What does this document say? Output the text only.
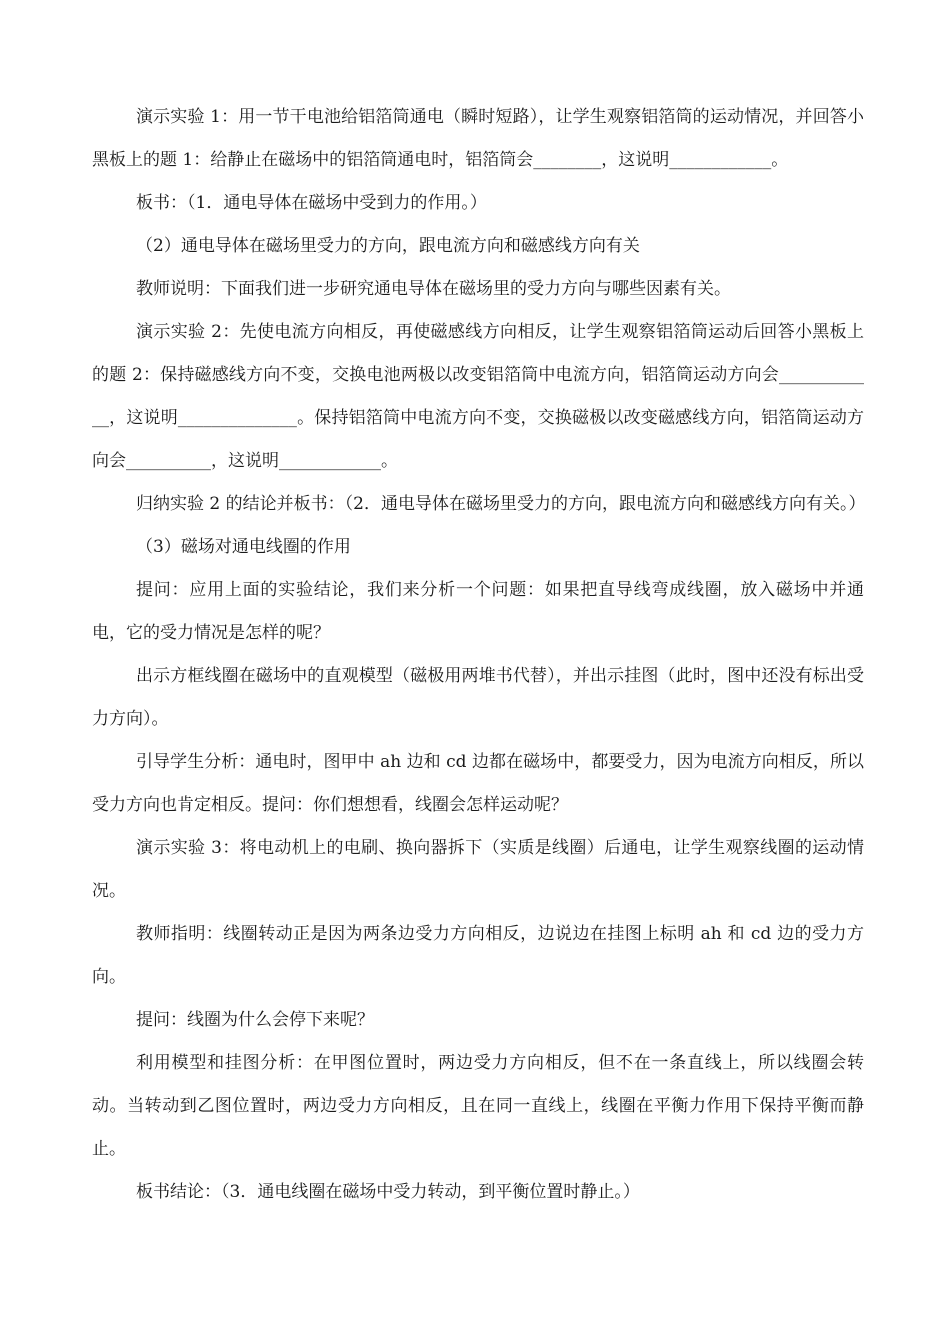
演示实验 1：用一节干电池给铝箔筒通电（瞬时短路），让学生观察铝箔筒的运动情况，并回答小黑板上的题 1：给静止在磁场中的铝箔筒通电时，铝箔筒会________，这说明____________。

板书：（1．通电导体在磁场中受到力的作用。）

（2）通电导体在磁场里受力的方向，跟电流方向和磁感线方向有关

教师说明：下面我们进一步研究通电导体在磁场里的受力方向与哪些因素有关。

演示实验 2：先使电流方向相反，再使磁感线方向相反，让学生观察铝箔筒运动后回答小黑板上的题 2：保持磁感线方向不变，交换电池两极以改变铝箔筒中电流方向，铝箔筒运动方向会____________，这说明______________。保持铝箔筒中电流方向不变，交换磁极以改变磁感线方向，铝箔筒运动方向会__________，这说明____________。

归纳实验 2 的结论并板书：（2．通电导体在磁场里受力的方向，跟电流方向和磁感线方向有关。）

（3）磁场对通电线圈的作用

提问：应用上面的实验结论，我们来分析一个问题：如果把直导线弯成线圈，放入磁场中并通电，它的受力情况是怎样的呢？

出示方框线圈在磁场中的直观模型（磁极用两堆书代替），并出示挂图（此时，图中还没有标出受力方向）。

引导学生分析：通电时，图甲中 ah 边和 cd 边都在磁场中，都要受力，因为电流方向相反，所以受力方向也肯定相反。提问：你们想想看，线圈会怎样运动呢？

演示实验 3：将电动机上的电刷、换向器拆下（实质是线圈）后通电，让学生观察线圈的运动情况。

教师指明：线圈转动正是因为两条边受力方向相反，边说边在挂图上标明 ah 和 cd 边的受力方向。

提问：线圈为什么会停下来呢？

利用模型和挂图分析：在甲图位置时，两边受力方向相反，但不在一条直线上，所以线圈会转动。当转动到乙图位置时，两边受力方向相反，且在同一直线上，线圈在平衡力作用下保持平衡而静止。

板书结论：（3．通电线圈在磁场中受力转动，到平衡位置时静止。）
